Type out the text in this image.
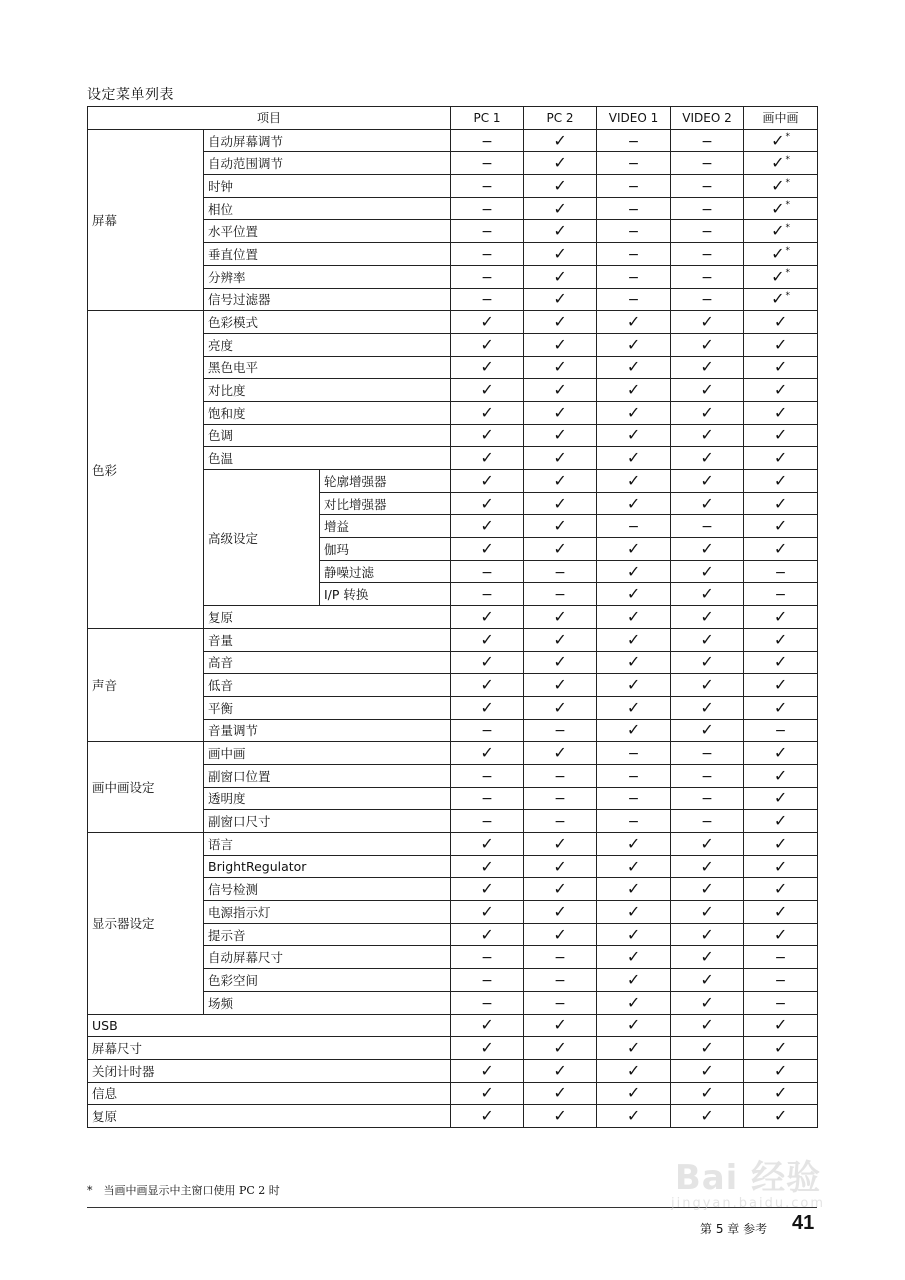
设定菜单列表
项目			PC 1	PC 2	VIDEO 1	VIDEO 2	画中画
屏幕	自动屏幕调节		−	✓	−	−	✓*
	自动范围调节		−	✓	−	−	✓*
	时钟		−	✓	−	−	✓*
	相位		−	✓	−	−	✓*
	水平位置		−	✓	−	−	✓*
	垂直位置		−	✓	−	−	✓*
	分辨率		−	✓	−	−	✓*
	信号过滤器		−	✓	−	−	✓*
色彩	色彩模式		✓	✓	✓	✓	✓
	亮度		✓	✓	✓	✓	✓
	黑色电平		✓	✓	✓	✓	✓
	对比度		✓	✓	✓	✓	✓
	饱和度		✓	✓	✓	✓	✓
	色调		✓	✓	✓	✓	✓
	色温		✓	✓	✓	✓	✓
	高级设定	轮廓增强器	✓	✓	✓	✓	✓
		对比增强器	✓	✓	✓	✓	✓
		增益	✓	✓	−	−	✓
		伽玛	✓	✓	✓	✓	✓
		静噪过滤	−	−	✓	✓	−
		I/P 转换	−	−	✓	✓	−
	复原		✓	✓	✓	✓	✓
声音	音量		✓	✓	✓	✓	✓
	高音		✓	✓	✓	✓	✓
	低音		✓	✓	✓	✓	✓
	平衡		✓	✓	✓	✓	✓
	音量调节		−	−	✓	✓	−
画中画设定	画中画		✓	✓	−	−	✓
	副窗口位置		−	−	−	−	✓
	透明度		−	−	−	−	✓
	副窗口尺寸		−	−	−	−	✓
显示器设定	语言		✓	✓	✓	✓	✓
	BrightRegulator		✓	✓	✓	✓	✓
	信号检测		✓	✓	✓	✓	✓
	电源指示灯		✓	✓	✓	✓	✓
	提示音		✓	✓	✓	✓	✓
	自动屏幕尺寸		−	−	✓	✓	−
	色彩空间		−	−	✓	✓	−
	场频		−	−	✓	✓	−
USB			✓	✓	✓	✓	✓
屏幕尺寸			✓	✓	✓	✓	✓
关闭计时器			✓	✓	✓	✓	✓
信息			✓	✓	✓	✓	✓
复原			✓	✓	✓	✓	✓
*　当画中画显示中主窗口使用 PC 2 时
第 5 章 参考 41
Bai 经验
jingyan.baidu.com
